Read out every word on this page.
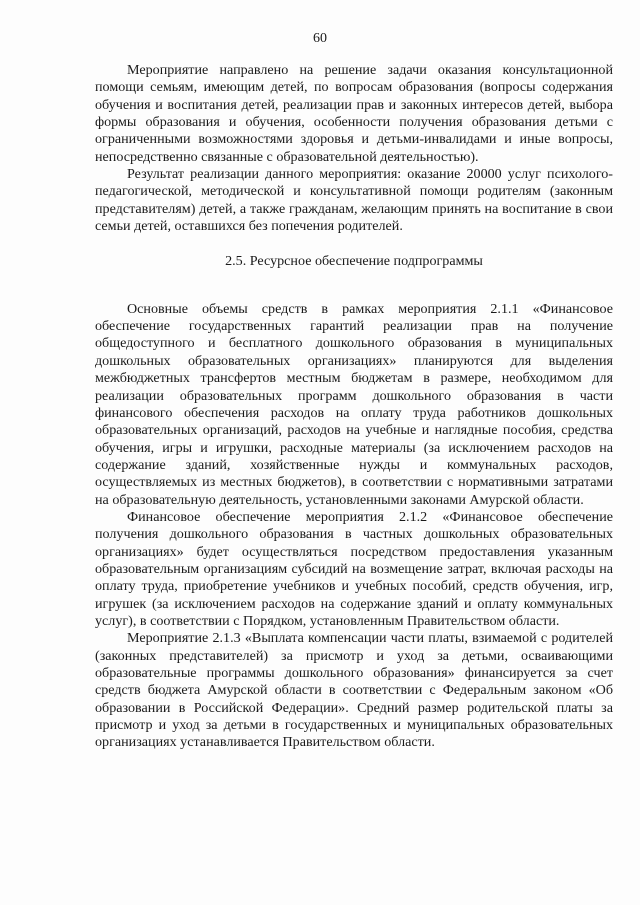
60

Мероприятие направлено на решение задачи оказания консультационной помощи семьям, имеющим детей, по вопросам образования (вопросы содержания обучения и воспитания детей, реализации прав и законных интересов детей, выбора формы образования и обучения, особенности получения образования детьми с ограниченными возможностями здоровья и детьми-инвалидами и иные вопросы, непосредственно связанные с образовательной деятельностью).

Результат реализации данного мероприятия: оказание 20000 услуг психолого-педагогической, методической и консультативной помощи родителям (законным представителям) детей, а также гражданам, желающим принять на воспитание в свои семьи детей, оставшихся без попечения родителей.

2.5. Ресурсное обеспечение подпрограммы

Основные объемы средств в рамках мероприятия 2.1.1 «Финансовое обеспечение государственных гарантий реализации прав на получение общедоступного и бесплатного дошкольного образования в муниципальных дошкольных образовательных организациях» планируются для выделения межбюджетных трансфертов местным бюджетам в размере, необходимом для реализации образовательных программ дошкольного образования в части финансового обеспечения расходов на оплату труда работников дошкольных образовательных организаций, расходов на учебные и наглядные пособия, средства обучения, игры и игрушки, расходные материалы (за исключением расходов на содержание зданий, хозяйственные нужды и коммунальных расходов, осуществляемых из местных бюджетов), в соответствии с нормативными затратами на образовательную деятельность, установленными законами Амурской области.

Финансовое обеспечение мероприятия 2.1.2 «Финансовое обеспечение получения дошкольного образования в частных дошкольных образовательных организациях» будет осуществляться посредством предоставления указанным образовательным организациям субсидий на возмещение затрат, включая расходы на оплату труда, приобретение учебников и учебных пособий, средств обучения, игр, игрушек (за исключением расходов на содержание зданий и оплату коммунальных услуг), в соответствии с Порядком, установленным Правительством области.

Мероприятие 2.1.3 «Выплата компенсации части платы, взимаемой с родителей (законных представителей) за присмотр и уход за детьми, осваивающими образовательные программы дошкольного образования» финансируется за счет средств бюджета Амурской области в соответствии с Федеральным законом «Об образовании в Российской Федерации». Средний размер родительской платы за присмотр и уход за детьми в государственных и муниципальных образовательных организациях устанавливается Правительством области.
